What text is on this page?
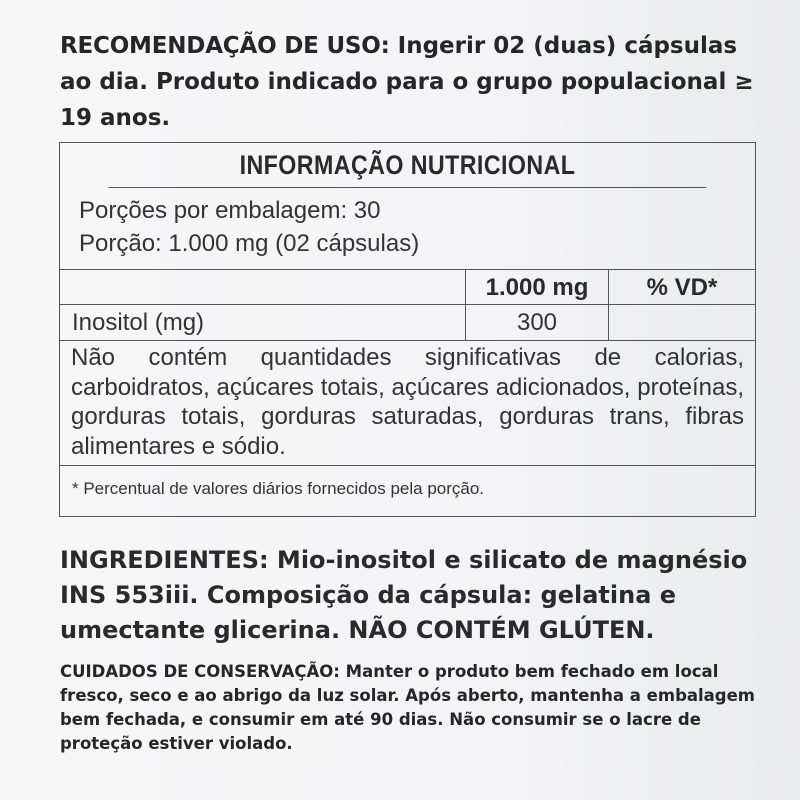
RECOMENDAÇÃO DE USO: Ingerir 02 (duas) cápsulas ao dia. Produto indicado para o grupo populacional ≥ 19 anos.
INFORMAÇÃO NUTRICIONAL
Porções por embalagem: 30
Porção: 1.000 mg (02 cápsulas)
1.000 mg	% VD*
Inositol (mg)	300
Não contém quantidades significativas de calorias, carboidratos, açúcares totais, açúcares adicionados, proteínas, gorduras totais, gorduras saturadas, gorduras trans, fibras alimentares e sódio.
* Percentual de valores diários fornecidos pela porção.
INGREDIENTES: Mio-inositol e silicato de magnésio INS 553iii. Composição da cápsula: gelatina e umectante glicerina. NÃO CONTÉM GLÚTEN.
CUIDADOS DE CONSERVAÇÃO: Manter o produto bem fechado em local fresco, seco e ao abrigo da luz solar. Após aberto, mantenha a embalagem bem fechada, e consumir em até 90 dias. Não consumir se o lacre de proteção estiver violado.
